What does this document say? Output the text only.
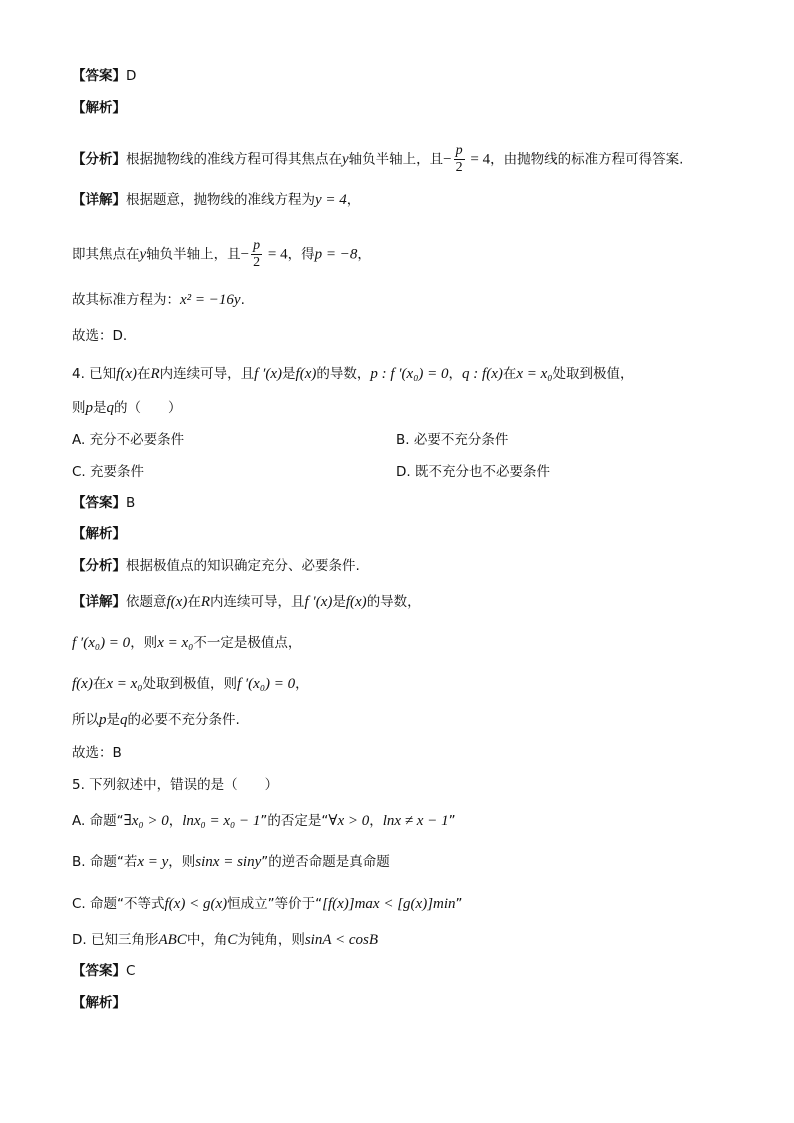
【答案】D
【解析】
【分析】根据抛物线的准线方程可得其焦点在y轴负半轴上，且− $\frac{p}{2} = 4$，由抛物线的标准方程可得答案.
【详解】根据题意，抛物线的准线方程为y = 4，
即其焦点在y轴负半轴上，且− $\frac{p}{2} = 4$，得p = −8，
故其标准方程为：x² = −16y.
故选：D.
4. 已知f(x)在R内连续可导，且f ′(x)是f(x)的导数，p : f ′(x₀) = 0，q : f(x)在x = x₀处取到极值，
则p是q的（　　）
A. 充分不必要条件	B. 必要不充分条件
C. 充要条件	D. 既不充分也不必要条件
【答案】B
【解析】
【分析】根据极值点的知识确定充分、必要条件.
【详解】依题意f(x)在R内连续可导，且f ′(x)是f(x)的导数，
f ′(x₀) = 0，则x = x₀不一定是极值点，
f(x)在x = x₀处取到极值，则f ′(x₀) = 0，
所以p是q的必要不充分条件.
故选：B
5. 下列叙述中，错误的是（　　）
A. 命题“∃x₀ > 0，lnx₀ = x₀ − 1”的否定是“∀x > 0，lnx ≠ x − 1”
B. 命题“若x = y，则sinx = siny”的逆否命题是真命题
C. 命题“不等式f(x) < g(x)恒成立”等价于“[f(x)]max < [g(x)]min”
D. 已知三角形ABC中，角C为钝角，则sinA < cosB
【答案】C
【解析】
